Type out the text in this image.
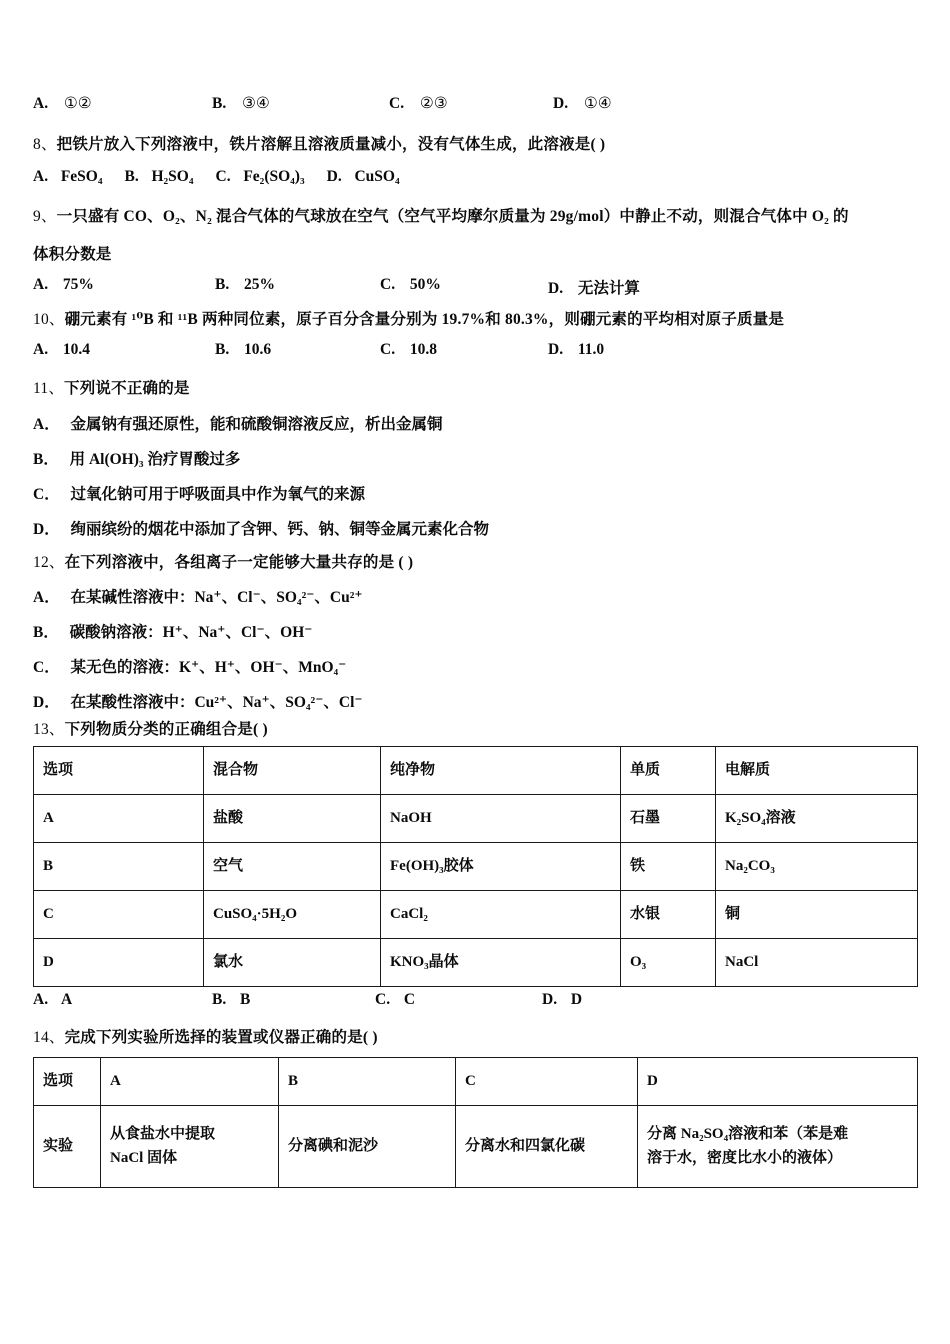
A. ①②	B. ③④	C. ②③	D. ①④
8、把铁片放入下列溶液中，铁片溶解且溶液质量减小，没有气体生成，此溶液是( )
A. FeSO₄ B. H₂SO₄ C. Fe₂(SO₄)₃ D. CuSO₄
9、一只盛有 CO、O₂、N₂ 混合气体的气球放在空气（空气平均摩尔质量为 29g/mol）中静止不动，则混合气体中 O₂ 的
体积分数是
A. 75%	B. 25%	C. 50%	D. 无法计算
10、硼元素有 ¹⁰B 和 ¹¹B 两种同位素，原子百分含量分别为 19.7%和 80.3%，则硼元素的平均相对原子质量是
A. 10.4	B. 10.6	C. 10.8	D. 11.0
11、下列说不正确的是
A． 金属钠有强还原性，能和硫酸铜溶液反应，析出金属铜
B． 用 Al(OH)₃ 治疗胃酸过多
C． 过氧化钠可用于呼吸面具中作为氧气的来源
D． 绚丽缤纷的烟花中添加了含钾、钙、钠、铜等金属元素化合物
12、在下列溶液中，各组离子一定能够大量共存的是 ( )
A． 在某碱性溶液中：Na⁺、Cl⁻、SO₄²⁻、Cu²⁺
B． 碳酸钠溶液：H⁺、Na⁺、Cl⁻、OH⁻
C． 某无色的溶液：K⁺、H⁺、OH⁻、MnO₄⁻
D． 在某酸性溶液中：Cu²⁺、Na⁺、SO₄²⁻、Cl⁻
13、下列物质分类的正确组合是( )
选项	混合物	纯净物	单质	电解质
A	盐酸	NaOH	石墨	K₂SO₄溶液
B	空气	Fe(OH)₃胶体	铁	Na₂CO₃
C	CuSO₄·5H₂O	CaCl₂	水银	铜
D	氯水	KNO₃晶体	O₃	NaCl
A. A	B. B	C. C	D. D
14、完成下列实验所选择的装置或仪器正确的是( )
选项	A	B	C	D
实验	从食盐水中提取
NaCl 固体	分离碘和泥沙	分离水和四氯化碳	分离 Na₂SO₄溶液和苯（苯是难
溶于水，密度比水小的液体）
